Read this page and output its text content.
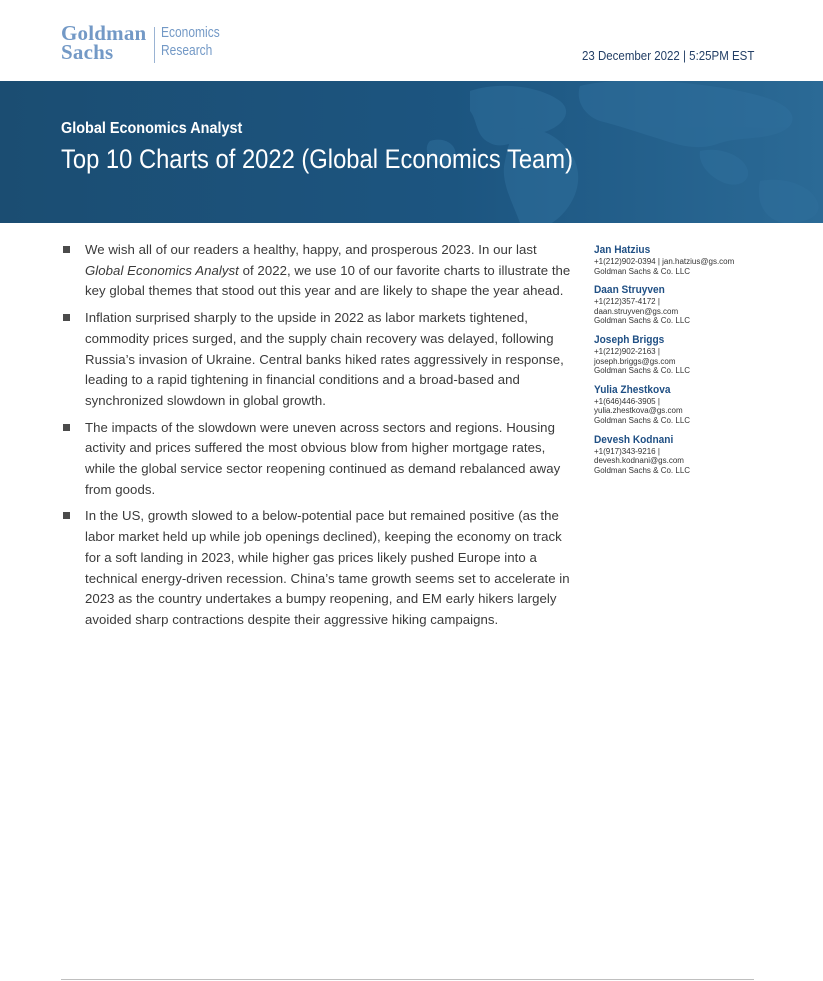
Goldman
Sachs
Economics
Research	23 December 2022 | 5:25PM EST
Global Economics Analyst
Top 10 Charts of 2022 (Global Economics Team)
We wish all of our readers a healthy, happy, and prosperous 2023. In our last Global Economics Analyst of 2022, we use 10 of our favorite charts to illustrate the key global themes that stood out this year and are likely to shape the year ahead.
Inflation surprised sharply to the upside in 2022 as labor markets tightened, commodity prices surged, and the supply chain recovery was delayed, following Russia’s invasion of Ukraine. Central banks hiked rates aggressively in response, leading to a rapid tightening in financial conditions and a broad-based and synchronized slowdown in global growth.
The impacts of the slowdown were uneven across sectors and regions. Housing activity and prices suffered the most obvious blow from higher mortgage rates, while the global service sector reopening continued as demand rebalanced away from goods.
In the US, growth slowed to a below-potential pace but remained positive (as the labor market held up while job openings declined), keeping the economy on track for a soft landing in 2023, while higher gas prices likely pushed Europe into a technical energy-driven recession. China’s tame growth seems set to accelerate in 2023 as the country undertakes a bumpy reopening, and EM early hikers largely avoided sharp contractions despite their aggressive hiking campaigns.
Jan Hatzius
+1(212)902-0394 | jan.hatzius@gs.com
Goldman Sachs & Co. LLC
Daan Struyven
+1(212)357-4172 |
daan.struyven@gs.com
Goldman Sachs & Co. LLC
Joseph Briggs
+1(212)902-2163 |
joseph.briggs@gs.com
Goldman Sachs & Co. LLC
Yulia Zhestkova
+1(646)446-3905 |
yulia.zhestkova@gs.com
Goldman Sachs & Co. LLC
Devesh Kodnani
+1(917)343-9216 |
devesh.kodnani@gs.com
Goldman Sachs & Co. LLC
